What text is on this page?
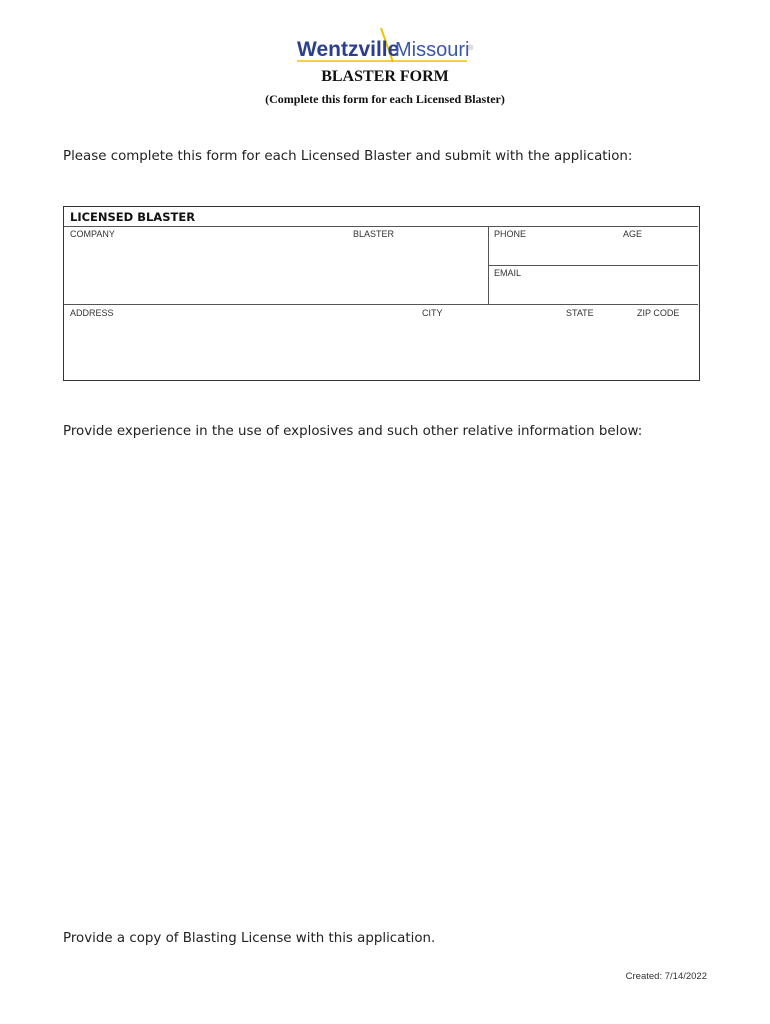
Wentzville
Missouri
®
BLASTER FORM
(Complete this form for each Licensed Blaster)
Please complete this form for each Licensed Blaster and submit with the application:
LICENSED BLASTER
COMPANY	BLASTER	PHONE	AGE
EMAIL
ADDRESS	CITY	STATE	ZIP CODE
Provide experience in the use of explosives and such other relative information below:
Provide a copy of Blasting License with this application.
Created: 7/14/2022
